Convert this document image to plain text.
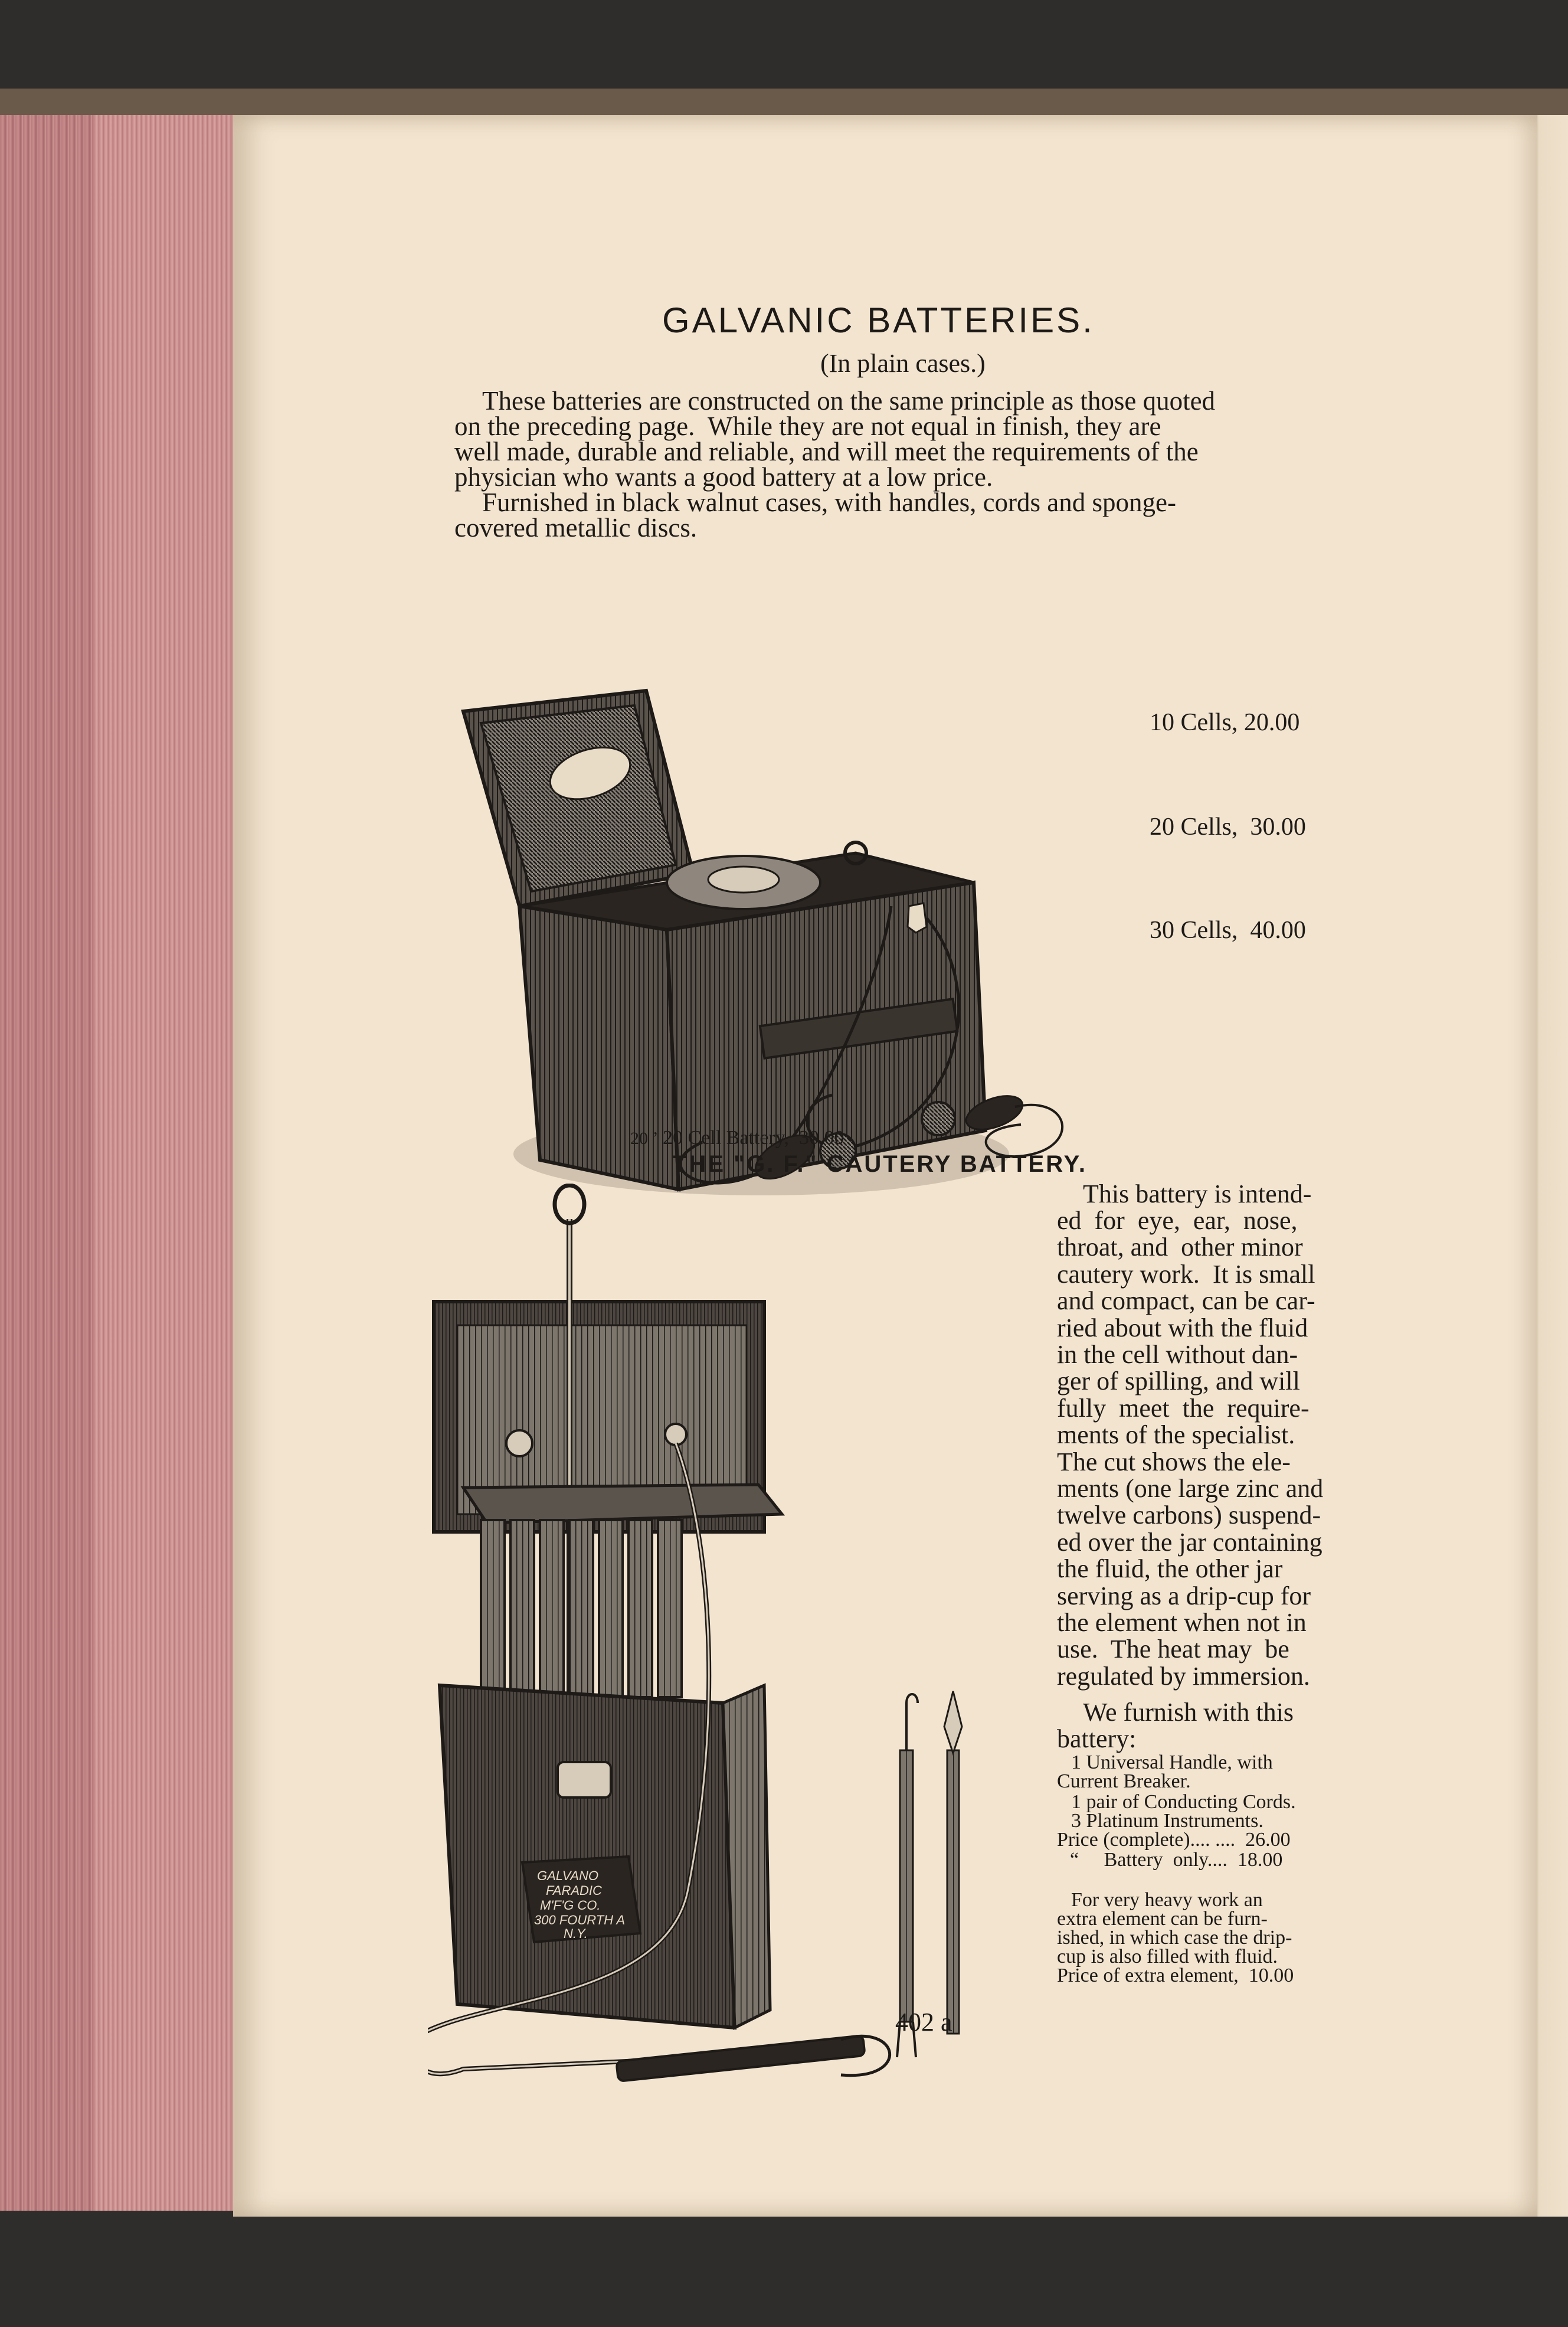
GALVANIC BATTERIES.
(In plain cases.)
These batteries are constructed on the same principle as those quoted
on the preceding page.  While they are not equal in finish, they are
well made, durable and reliable, and will meet the requirements of the
physician who wants a good battery at a low price.
Furnished in black walnut cases, with handles, cords and sponge-
covered metallic discs.
10 Cells, 20.00
20 Cells,  30.00
30 Cells,  40.00
20 ʼ 20 Cell Battery,  30.00
THE "G. F." CAUTERY BATTERY.
GALVANO
FARADIC
M'F'G CO.
300 FOURTH A
N.Y.
This battery is intend-
ed  for  eye,  ear,  nose,
throat, and  other minor
cautery work.  It is small
and compact, can be car-
ried about with the fluid
in the cell without dan-
ger of spilling, and will
fully  meet  the  require-
ments of the specialist.
The cut shows the ele-
ments (one large zinc and
twelve carbons) suspend-
ed over the jar containing
the fluid, the other jar
serving as a drip-cup for
the element when not in
use.  The heat may  be
regulated by immersion.
We furnish with this
battery:
1 Universal Handle, with
Current Breaker.
1 pair of Conducting Cords.
3 Platinum Instruments.
Price (complete).... ....  26.00
“     Battery  only....  18.00
For very heavy work an
extra element can be furn-
ished, in which case the drip-
cup is also filled with fluid.
Price of extra element,  10.00
402 a
